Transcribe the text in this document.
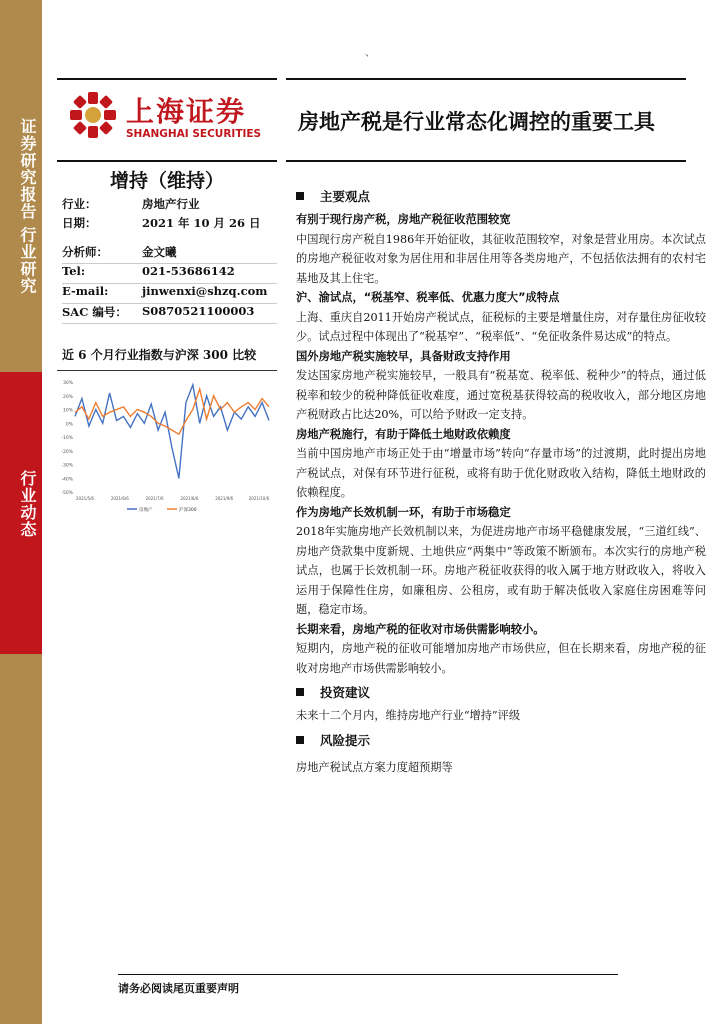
证券研究报告 行业研究
行业动态
、
上海证券
SHANGHAI SECURITIES 房地产税是行业常态化调控的重要工具
增持（维持）
行业：	房地产行业
日期：	2021 年 10 月 26 日
分析师：	金文曦
Tel:	021-53686142
E-mail:	jinwenxi@shzq.com
SAC 编号： S0870521100003
近 6 个月行业指数与沪深 300 比较
30%
20%
10%
0%
-10%
-20%
-30%
-40%
-50%
2021/5/6	2021/6/6	2021/7/6	2021/8/6	2021/9/6	2021/10/6
房地产	沪深300
主要观点
有别于现行房产税，房地产税征收范围较宽
中国现行房产税自1986年开始征收，其征收范围较窄，对象是营业用房。本次试点的房地产税征收对象为居住用和非居住用等各类房地产，不包括依法拥有的农村宅基地及其上住宅。
沪、渝试点，“税基窄、税率低、优惠力度大”成特点
上海、重庆自2011开始房产税试点，征税标的主要是增量住房，对存量住房征收较少。试点过程中体现出了“税基窄”、“税率低”、“免征收条件易达成”的特点。
国外房地产税实施较早，具备财政支持作用
发达国家房地产税实施较早，一般具有“税基宽、税率低、税种少”的特点，通过低税率和较少的税种降低征收难度，通过宽税基获得较高的税收收入，部分地区房地产税财政占比达20%，可以给予财政一定支持。
房地产税施行，有助于降低土地财政依赖度
当前中国房地产市场正处于由“增量市场”转向“存量市场”的过渡期，此时提出房地产税试点，对保有环节进行征税，或将有助于优化财政收入结构，降低土地财政的依赖程度。
作为房地产长效机制一环，有助于市场稳定
2018年实施房地产长效机制以来，为促进房地产市场平稳健康发展，“三道红线”、房地产贷款集中度新规、土地供应“两集中”等政策不断颁布。本次实行的房地产税试点，也属于长效机制一环。房地产税征收获得的收入属于地方财政收入，将收入运用于保障性住房，如廉租房、公租房，或有助于解决低收入家庭住房困难等问题，稳定市场。
长期来看，房地产税的征收对市场供需影响较小。
短期内，房地产税的征收可能增加房地产市场供应，但在长期来看，房地产税的征收对房地产市场供需影响较小。
投资建议
未来十二个月内，维持房地产行业“增持”评级
风险提示
房地产税试点方案力度超预期等
请务必阅读尾页重要声明
